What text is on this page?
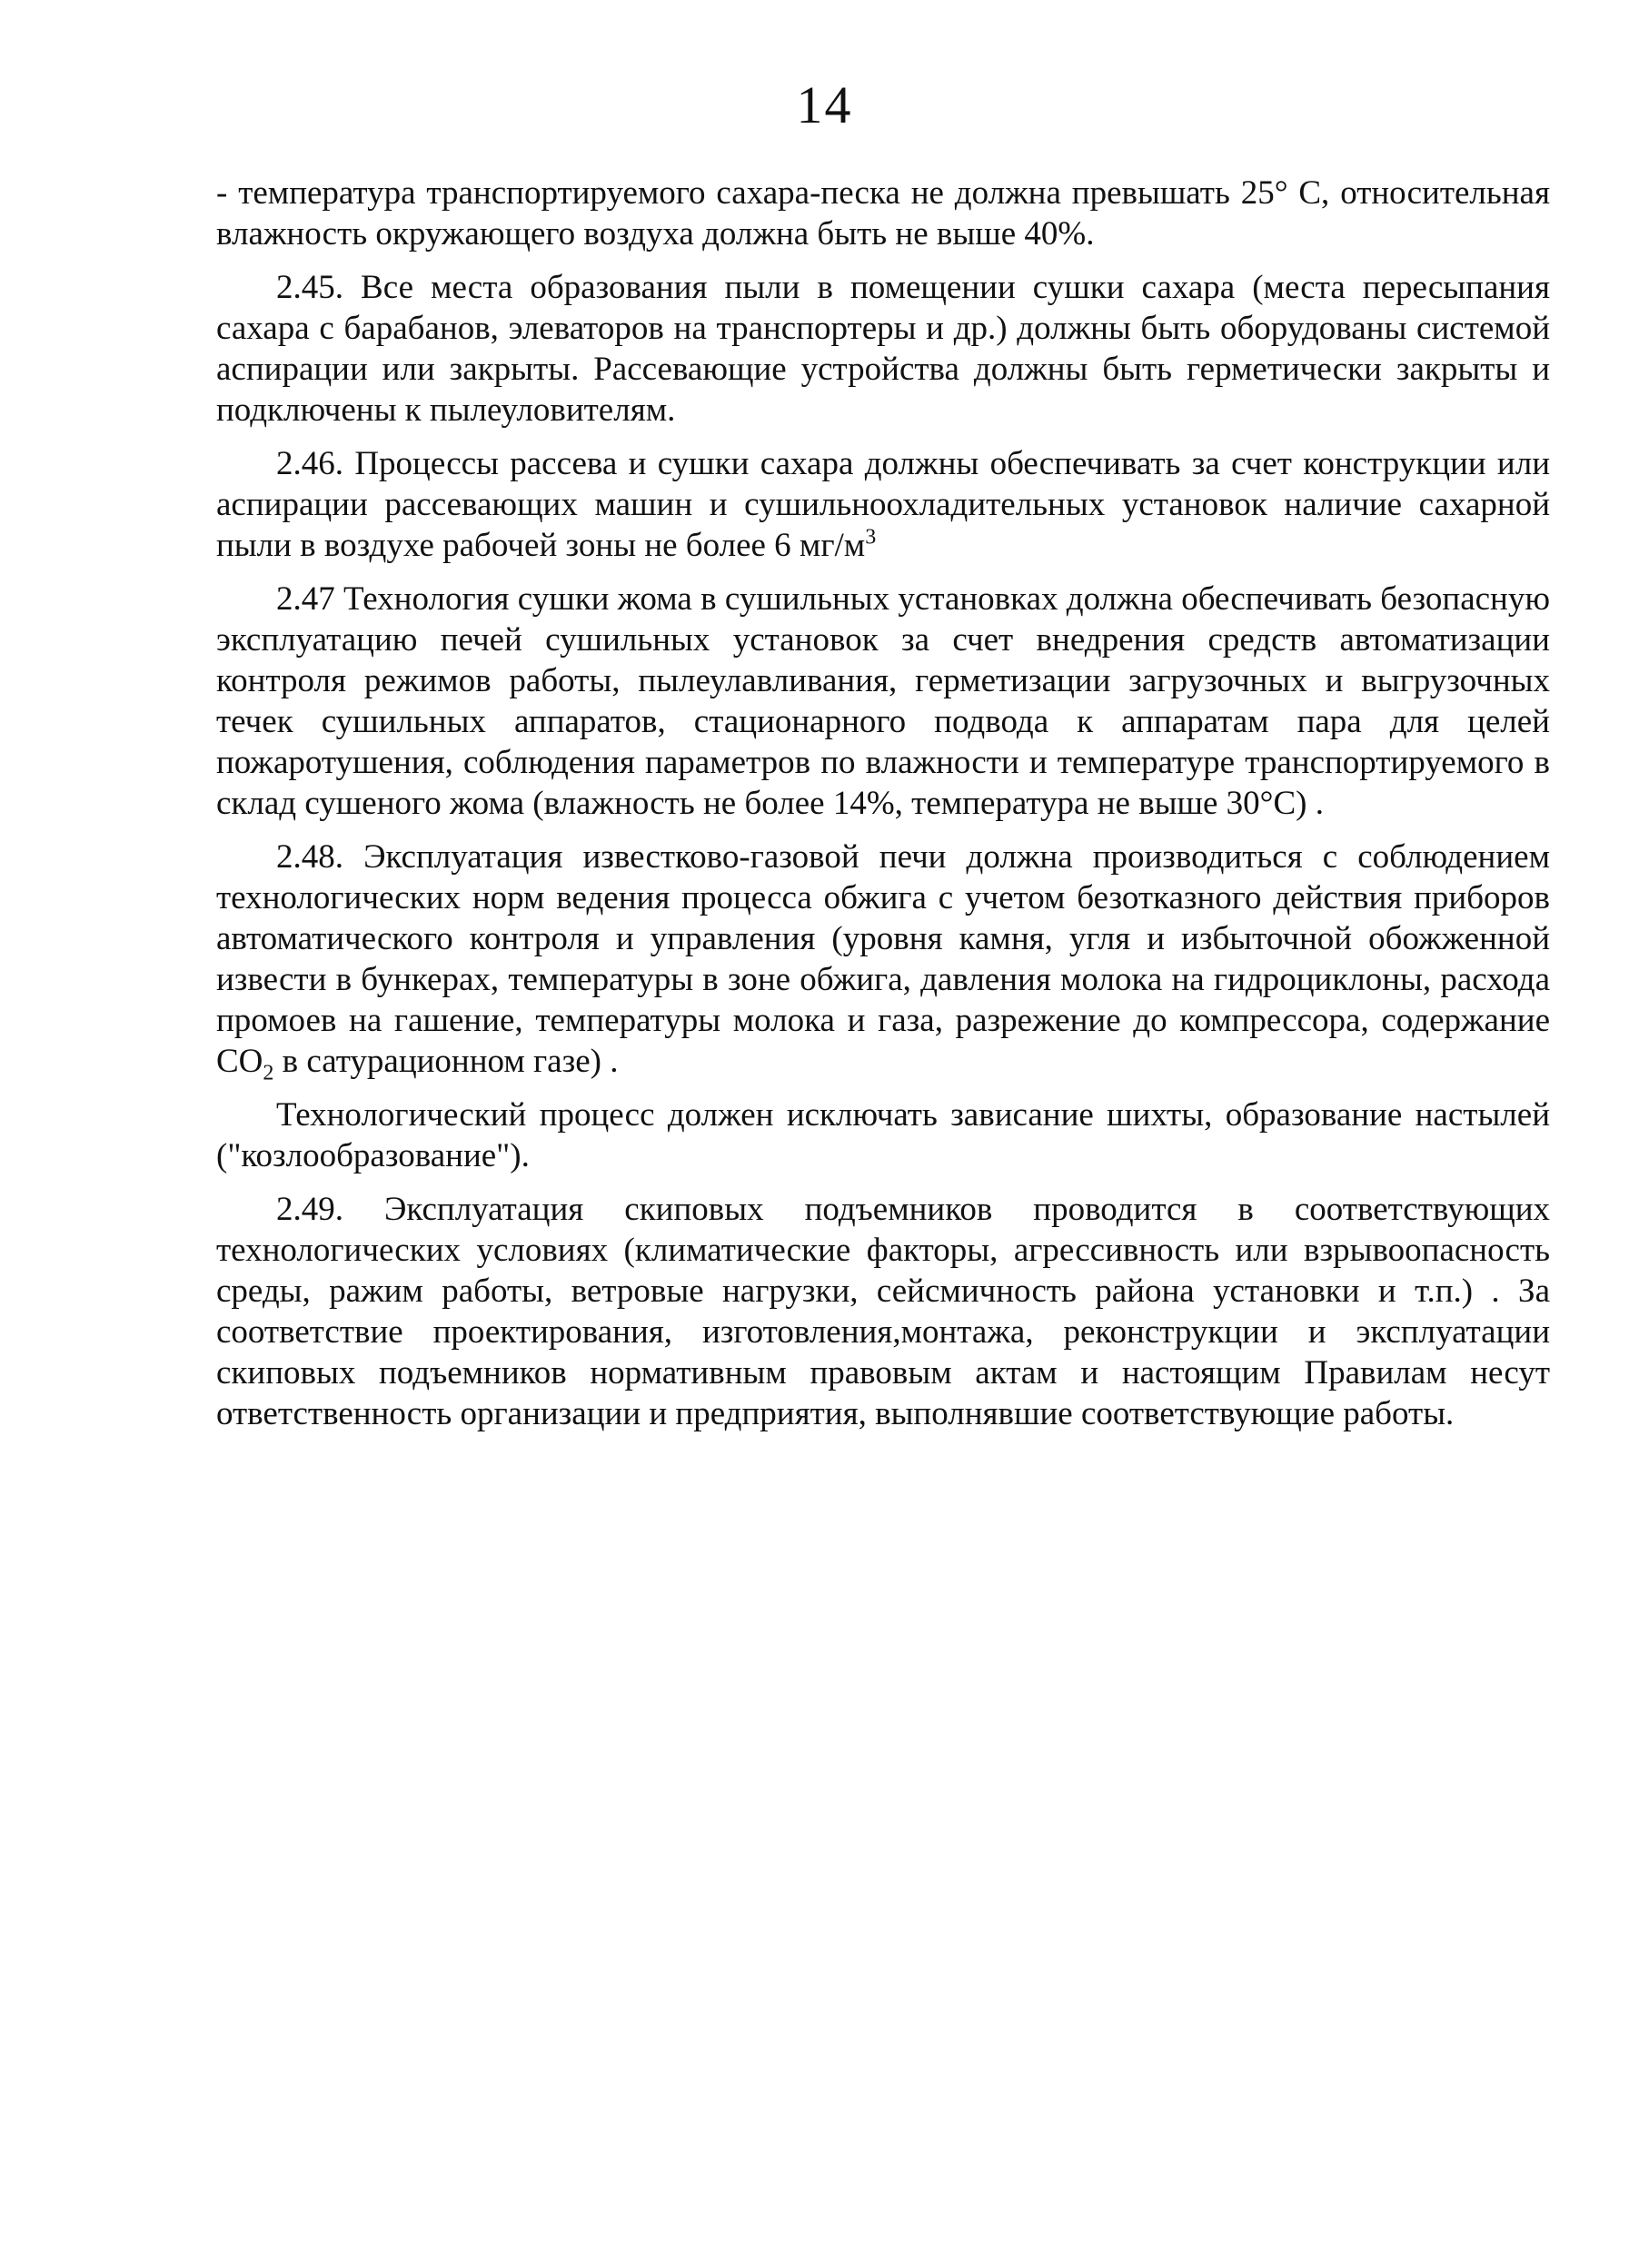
14

- температура транспортируемого сахара-песка не должна превышать 25° С, относительная влажность окружающего воздуха должна быть не выше 40%.

2.45. Все места образования пыли в помещении сушки сахара (места пересыпания сахара с барабанов, элеваторов на транспортеры и др.) должны быть оборудованы системой аспирации или закрыты. Рассевающие устройства должны быть герметически закрыты и подключены к пылеуловителям.

2.46. Процессы рассева и сушки сахара должны обеспечивать за счет конструкции или аспирации рассевающих машин и сушильноохладительных установок наличие сахарной пыли в воздухе рабочей зоны не более 6 $мг/м^3$

2.47 Технология сушки жома в сушильных установках должна обеспечивать безопасную эксплуатацию печей сушильных установок за счет внедрения средств автоматизации контроля режимов работы, пылеулавливания, герметизации загрузочных и выгрузочных течек сушильных аппаратов, стационарного подвода к аппаратам пара для целей пожаротушения, соблюдения параметров по влажности и температуре транспортируемого в склад сушеного жома (влажность не более 14%, температура не выше 30°С) .

2.48. Эксплуатация известково-газовой печи должна производиться с соблюдением технологических норм ведения процесса обжига с учетом безотказного действия приборов автоматического контроля и управления (уровня камня, угля и избыточной обожженной извести в бункерах, температуры в зоне обжига, давления молока на гидроциклоны, расхода промоев на гашение, температуры молока и газа, разрежение до компрессора, содержание $СО_2$ в сатурационном газе) .

Технологический процесс должен исключать зависание шихты, образование настылей ("козлообразование").

2.49. Эксплуатация скиповых подъемников проводится в соответствующих технологических условиях (климатические факторы, агрессивность или взрывоопасность среды, ражим работы, ветровые нагрузки, сейсмичность района установки и т.п.) . За соответствие проектирования, изготовления,монтажа, реконструкции и эксплуатации скиповых подъемников нормативным правовым актам и настоящим Правилам несут ответственность организации и предприятия, выполнявшие соответствующие работы.
